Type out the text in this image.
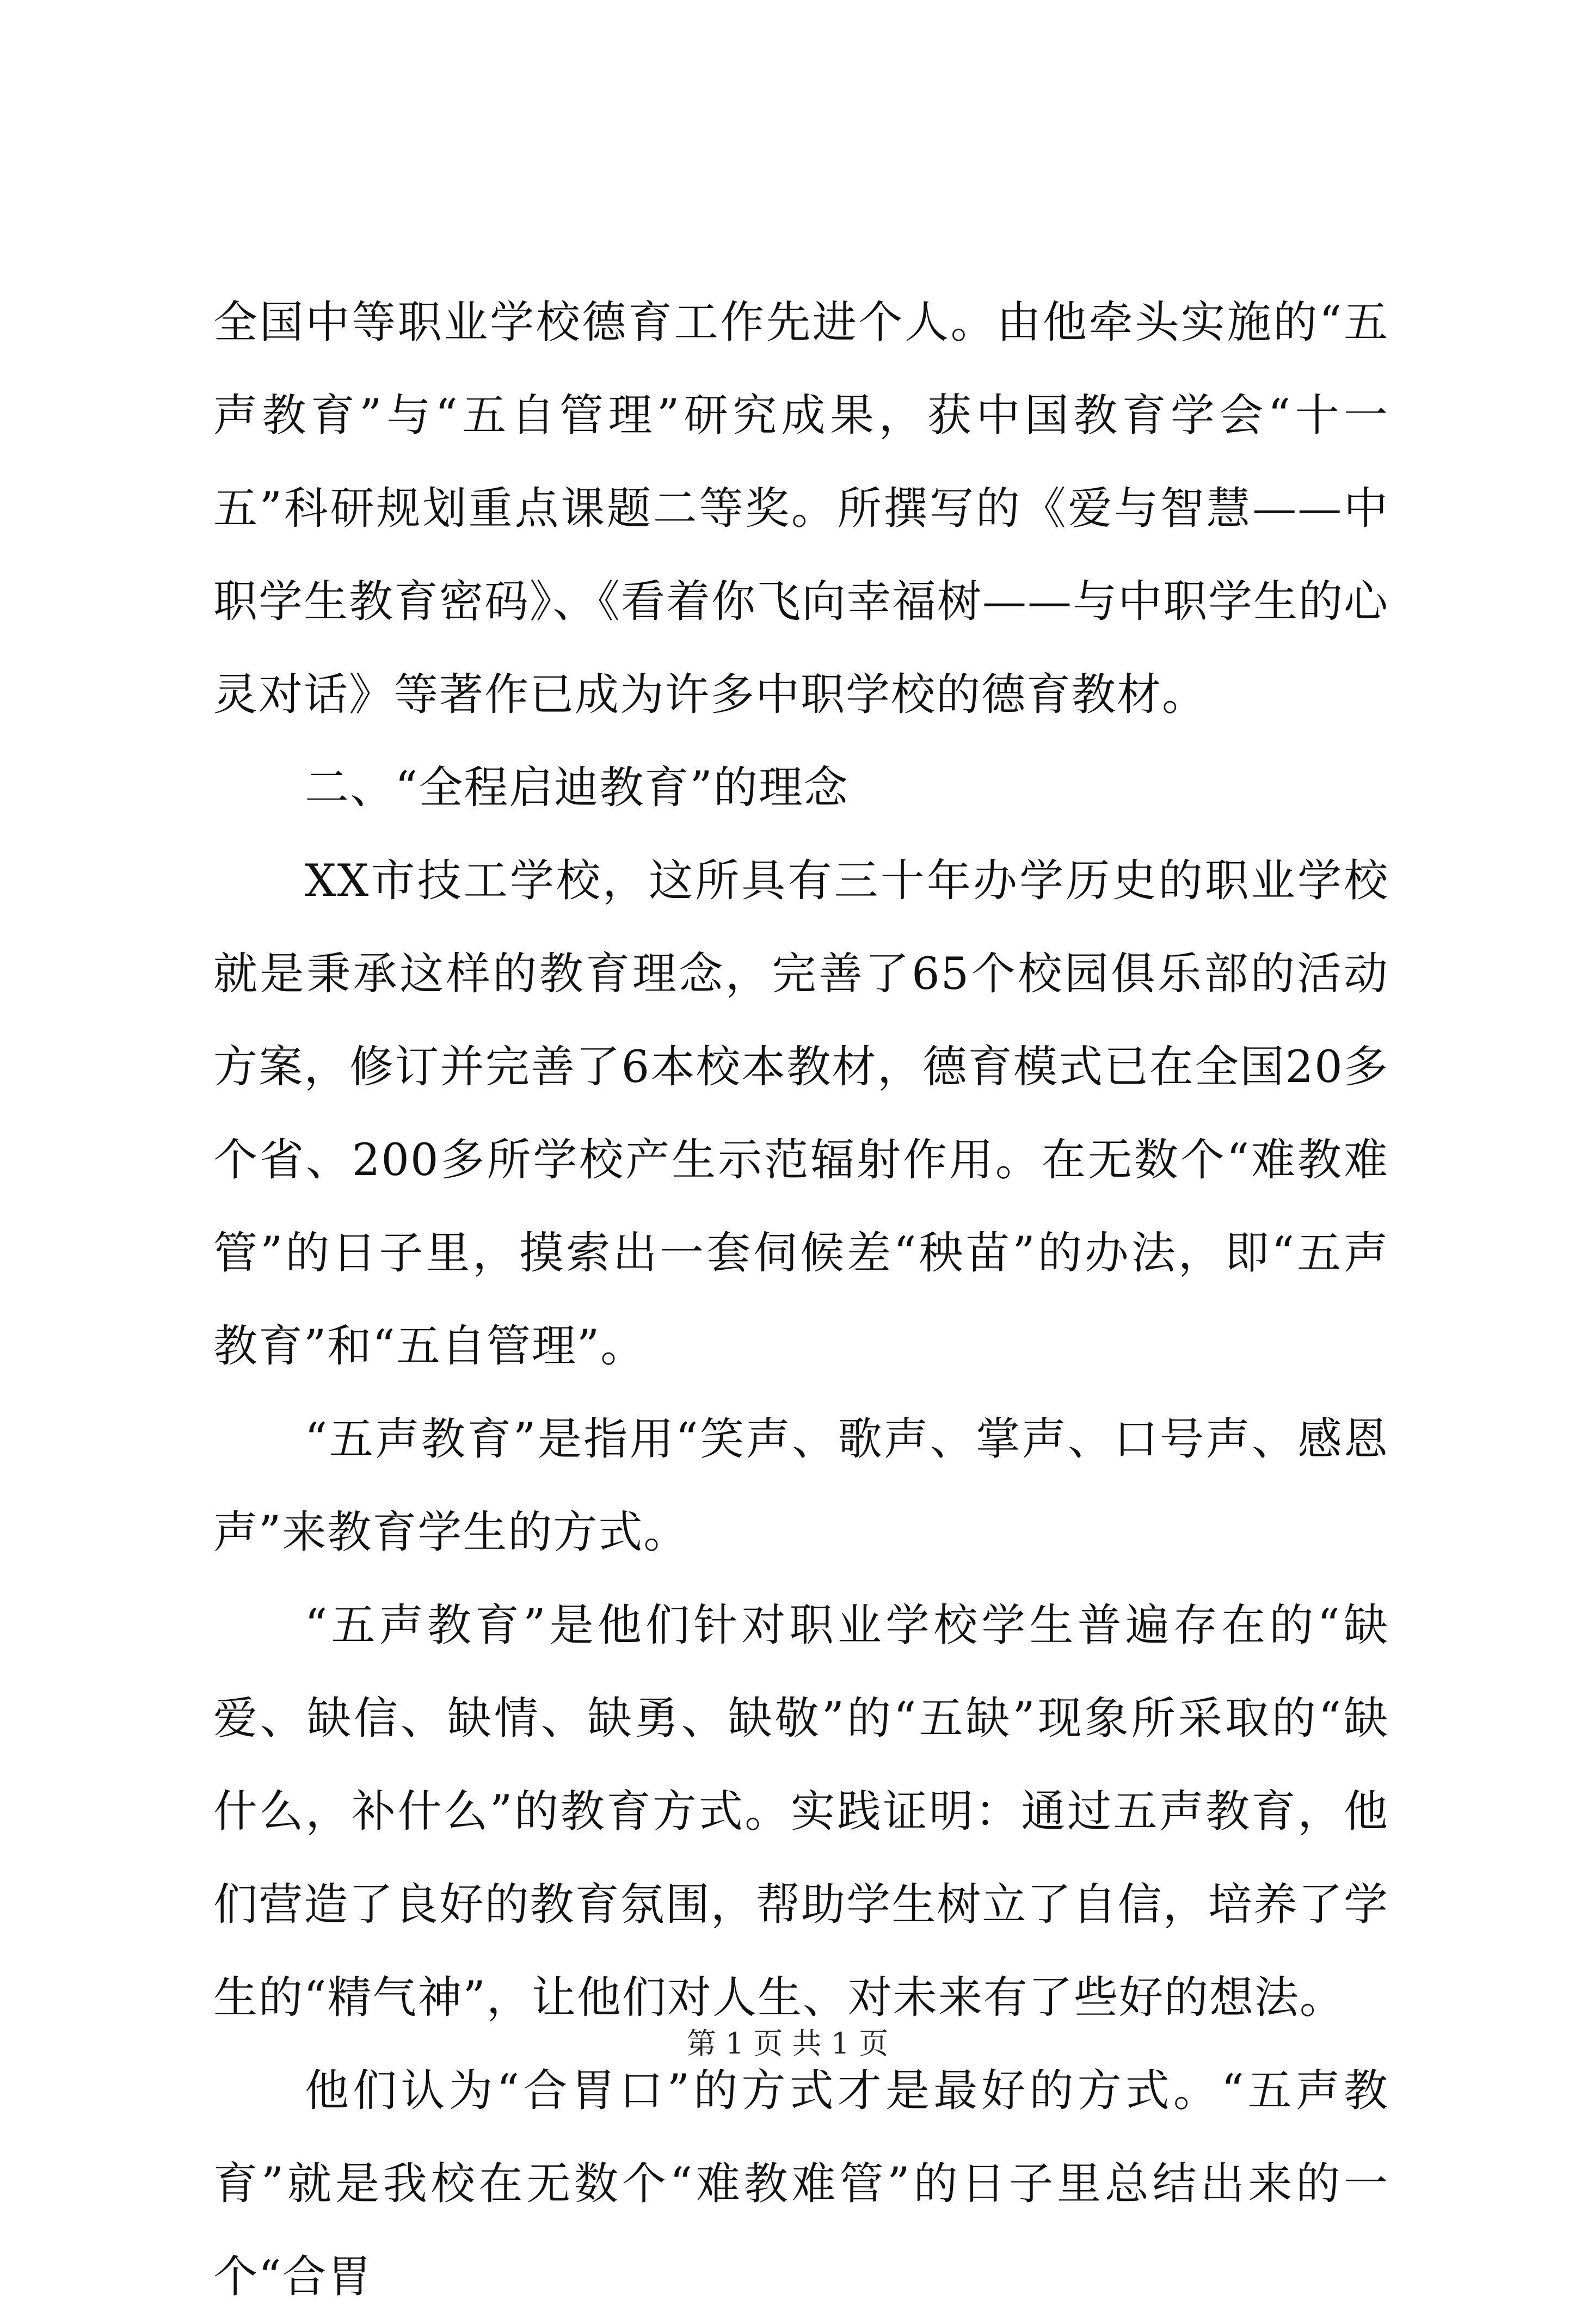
全国中等职业学校德育工作先进个人。由他牵头实施的“五声教育”与“五自管理”研究成果，获中国教育学会“十一五”科研规划重点课题二等奖。所撰写的《爱与智慧——中职学生教育密码》、《看着你飞向幸福树——与中职学生的心灵对话》等著作已成为许多中职学校的德育教材。

二、“全程启迪教育”的理念

XX市技工学校，这所具有三十年办学历史的职业学校就是秉承这样的教育理念，完善了65个校园俱乐部的活动方案，修订并完善了6本校本教材，德育模式已在全国20多个省、200多所学校产生示范辐射作用。在无数个“难教难管”的日子里，摸索出一套伺候差“秧苗”的办法，即“五声教育”和“五自管理”。

“五声教育”是指用“笑声、歌声、掌声、口号声、感恩声”来教育学生的方式。

“五声教育”是他们针对职业学校学生普遍存在的“缺爱、缺信、缺情、缺勇、缺敬”的“五缺”现象所采取的“缺什么，补什么”的教育方式。实践证明：通过五声教育，他们营造了良好的教育氛围，帮助学生树立了自信，培养了学生的“精气神”，让他们对人生、对未来有了些好的想法。

他们认为“合胃口”的方式才是最好的方式。“五声教育”就是我校在无数个“难教难管”的日子里总结出来的一个“合胃

第 1 页 共 1 页
